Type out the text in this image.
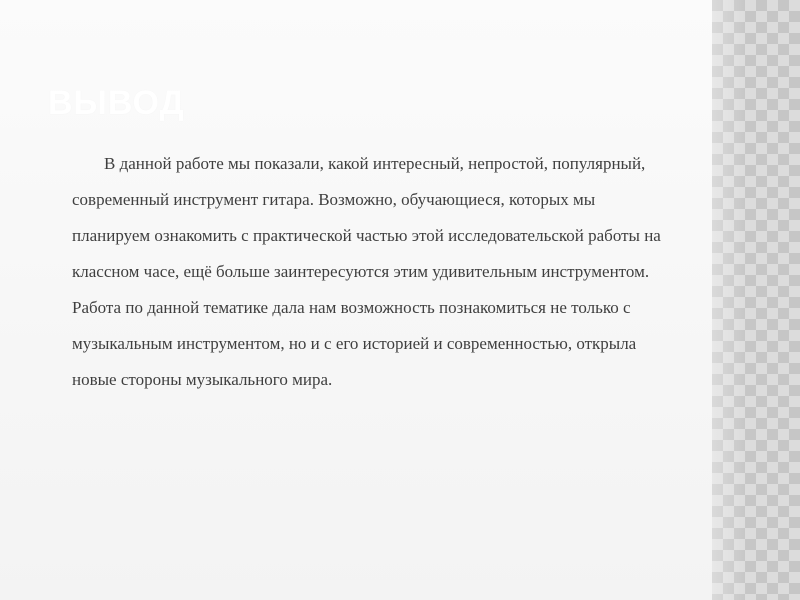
ВЫВОД

В данной работе мы показали, какой интересный, непростой, популярный, современный инструмент гитара. Возможно, обучающиеся, которых мы планируем ознакомить с практической частью этой исследовательской работы на классном часе, ещё больше заинтересуются этим удивительным инструментом. Работа по данной тематике дала нам возможность познакомиться не только с музыкальным инструментом, но и с его историей и современностью, открыла новые стороны музыкального мира.
